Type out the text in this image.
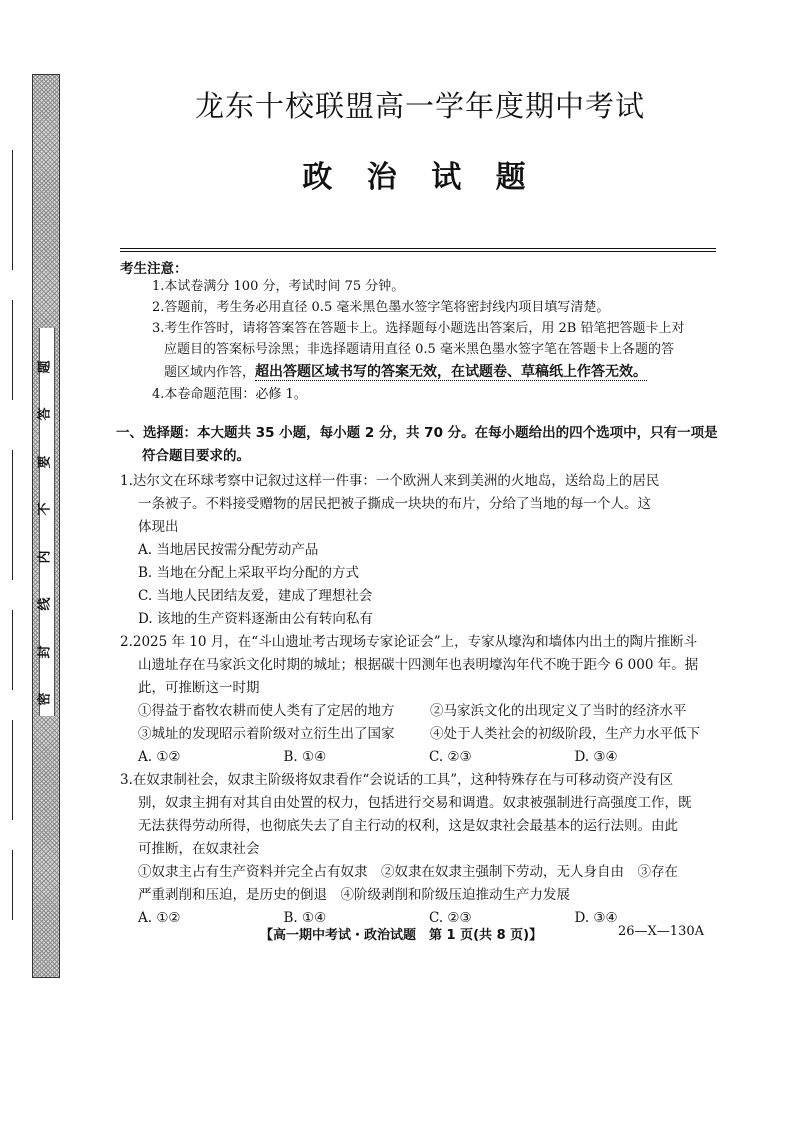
题
答
要
不
内
线
封
密
龙东十校联盟高一学年度期中考试
政 治 试 题
考生注意：
1.本试卷满分 100 分，考试时间 75 分钟。
2.答题前，考生务必用直径 0.5 毫米黑色墨水签字笔将密封线内项目填写清楚。
3.考生作答时，请将答案答在答题卡上。选择题每小题选出答案后，用 2B 铅笔把答题卡上对
应题目的答案标号涂黑；非选择题请用直径 0.5 毫米黑色墨水签字笔在答题卡上各题的答
题区域内作答，超出答题区域书写的答案无效，在试题卷、草稿纸上作答无效。
4.本卷命题范围：必修 1。
一、选择题：本大题共 35 小题，每小题 2 分，共 70 分。在每小题给出的四个选项中，只有一项是
符合题目要求的。
1.达尔文在环球考察中记叙过这样一件事：一个欧洲人来到美洲的火地岛，送给岛上的居民
一条被子。不料接受赠物的居民把被子撕成一块块的布片，分给了当地的每一个人。这
体现出
A. 当地居民按需分配劳动产品
B. 当地在分配上采取平均分配的方式
C. 当地人民团结友爱，建成了理想社会
D. 该地的生产资料逐渐由公有转向私有
2.2025 年 10 月，在“斗山遗址考古现场专家论证会”上，专家从壕沟和墙体内出土的陶片推断斗
山遗址存在马家浜文化时期的城址；根据碳十四测年也表明壕沟年代不晚于距今 6 000 年。据
此，可推断这一时期
①得益于畜牧农耕而使人类有了定居的地方	②马家浜文化的出现定义了当时的经济水平
③城址的发现昭示着阶级对立衍生出了国家	④处于人类社会的初级阶段，生产力水平低下
A. ①②	B. ①④	C. ②③	D. ③④
3.在奴隶制社会，奴隶主阶级将奴隶看作“会说话的工具”，这种特殊存在与可移动资产没有区
别，奴隶主拥有对其自由处置的权力，包括进行交易和调遣。奴隶被强制进行高强度工作，既
无法获得劳动所得，也彻底失去了自主行动的权利，这是奴隶社会最基本的运行法则。由此
可推断，在奴隶社会
①奴隶主占有生产资料并完全占有奴隶　②奴隶在奴隶主强制下劳动，无人身自由　③存在
严重剥削和压迫，是历史的倒退　④阶级剥削和阶级压迫推动生产力发展
A. ①②	B. ①④	C. ②③	D. ③④
【高一期中考试・政治试题　第 1 页(共 8 页)】	26—X—130A
